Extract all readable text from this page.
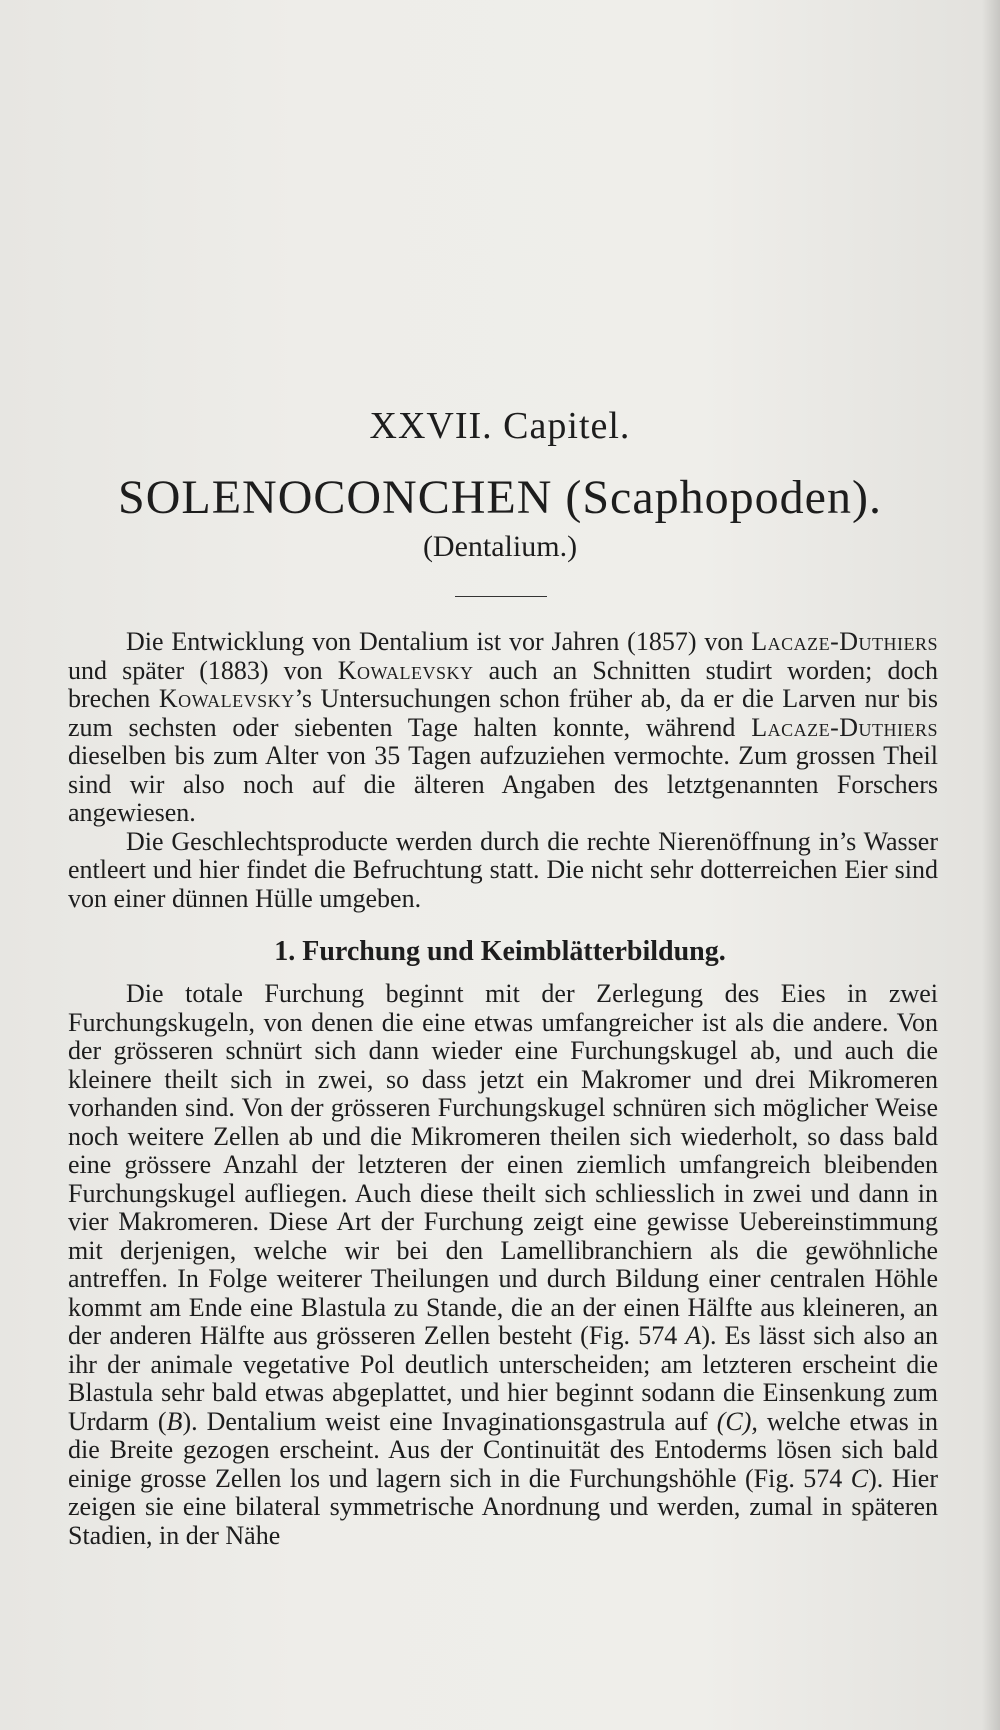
XXVII. Capitel.
SOLENOCONCHEN (Scaphopoden).
(Dentalium.)

Die Entwicklung von Dentalium ist vor Jahren (1857) von Lacaze-Duthiers und später (1883) von Kowalevsky auch an Schnitten studirt worden; doch brechen Kowalevsky’s Untersuchungen schon früher ab, da er die Larven nur bis zum sechsten oder siebenten Tage halten konnte, während Lacaze-Duthiers dieselben bis zum Alter von 35 Tagen aufzuziehen vermochte. Zum grossen Theil sind wir also noch auf die älteren Angaben des letztgenannten Forschers angewiesen.

Die Geschlechtsproducte werden durch die rechte Nierenöffnung in’s Wasser entleert und hier findet die Befruchtung statt. Die nicht sehr dotterreichen Eier sind von einer dünnen Hülle umgeben.

1. Furchung und Keimblätterbildung.

Die totale Furchung beginnt mit der Zerlegung des Eies in zwei Furchungskugeln, von denen die eine etwas umfangreicher ist als die andere. Von der grösseren schnürt sich dann wieder eine Furchungskugel ab, und auch die kleinere theilt sich in zwei, so dass jetzt ein Makromer und drei Mikromeren vorhanden sind. Von der grösseren Furchungskugel schnüren sich möglicher Weise noch weitere Zellen ab und die Mikromeren theilen sich wiederholt, so dass bald eine grössere Anzahl der letzteren der einen ziemlich umfangreich bleibenden Furchungskugel aufliegen. Auch diese theilt sich schliesslich in zwei und dann in vier Makromeren. Diese Art der Furchung zeigt eine gewisse Uebereinstimmung mit derjenigen, welche wir bei den Lamellibranchiern als die gewöhnliche antreffen. In Folge weiterer Theilungen und durch Bildung einer centralen Höhle kommt am Ende eine Blastula zu Stande, die an der einen Hälfte aus kleineren, an der anderen Hälfte aus grösseren Zellen besteht (Fig. 574 A). Es lässt sich also an ihr der animale vegetative Pol deutlich unterscheiden; am letzteren erscheint die Blastula sehr bald etwas abgeplattet, und hier beginnt sodann die Einsenkung zum Urdarm (B). Dentalium weist eine Invaginationsgastrula auf (C), welche etwas in die Breite gezogen erscheint. Aus der Continuität des Entoderms lösen sich bald einige grosse Zellen los und lagern sich in die Furchungshöhle (Fig. 574 C). Hier zeigen sie eine bilateral symmetrische Anordnung und werden, zumal in späteren Stadien, in der Nähe
